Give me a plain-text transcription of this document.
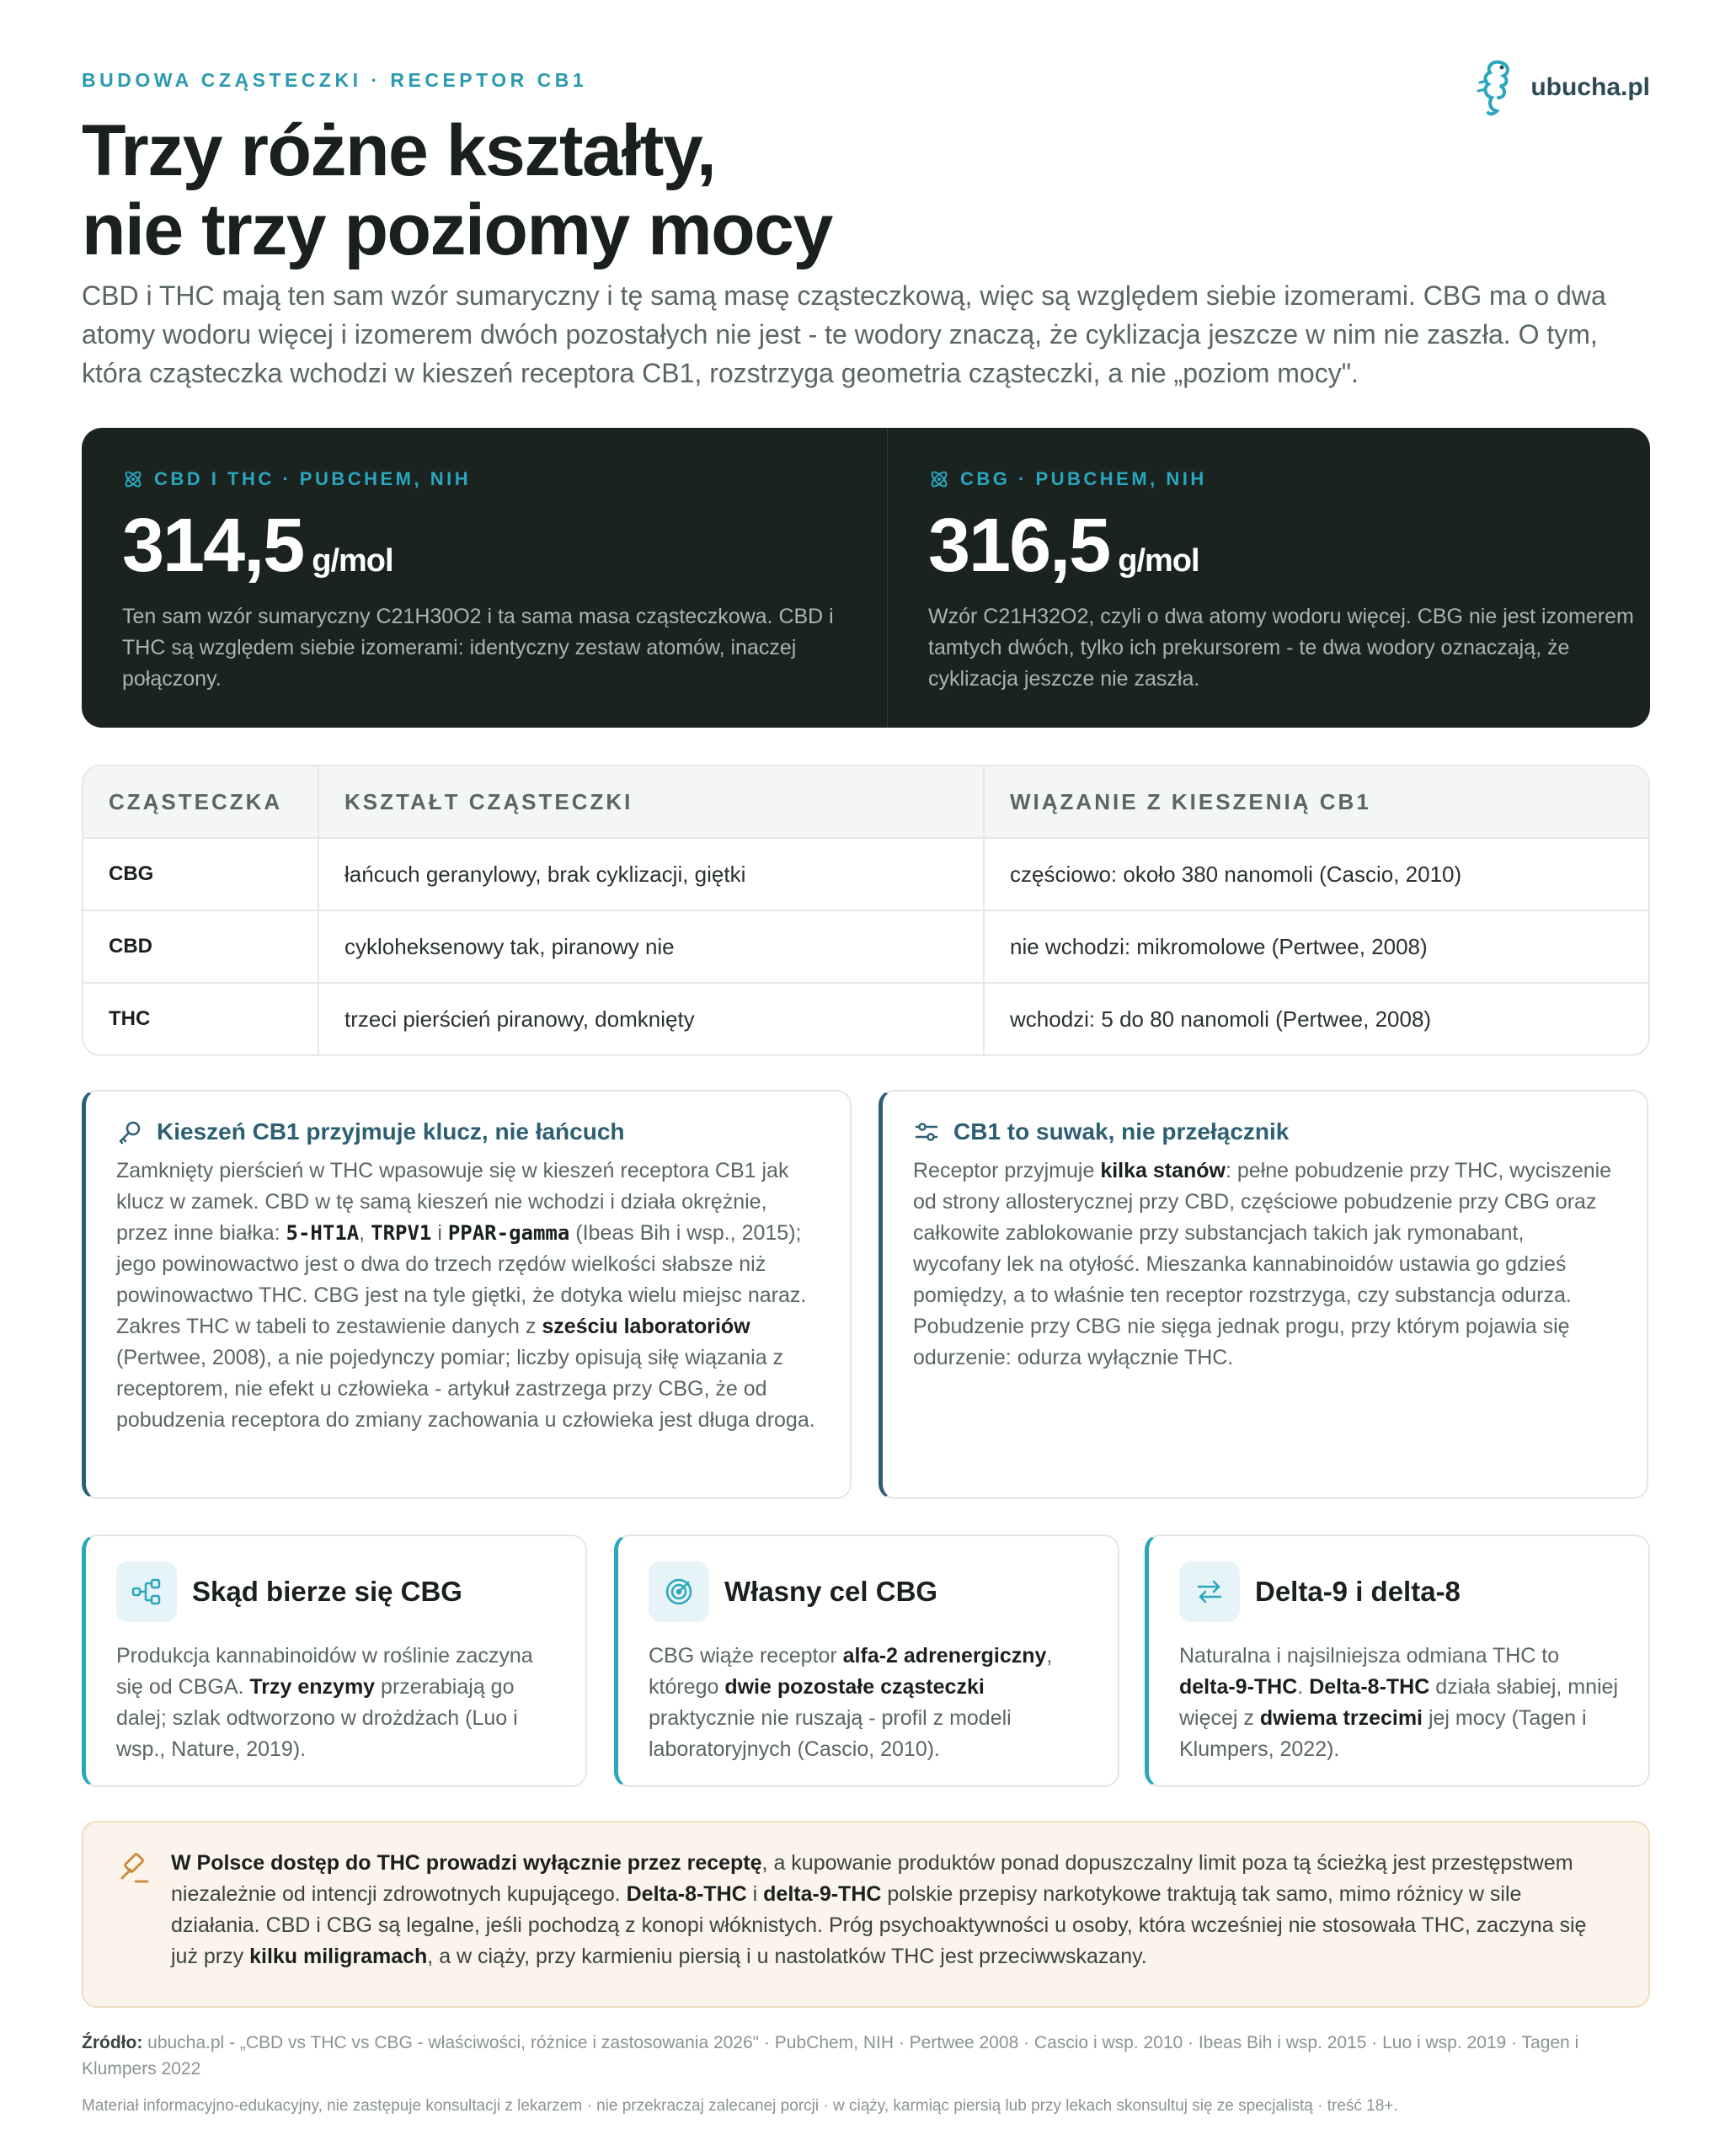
BUDOWA CZĄSTECZKI · RECEPTOR CB1	ubucha.pl
Trzy różne kształty,
nie trzy poziomy mocy

CBD i THC mają ten sam wzór sumaryczny i tę samą masę cząsteczkową, więc są względem siebie izomerami. CBG ma o dwa atomy wodoru więcej i izomerem dwóch pozostałych nie jest - te wodory znaczą, że cyklizacja jeszcze w nim nie zaszła. O tym, która cząsteczka wchodzi w kieszeń receptora CB1, rozstrzyga geometria cząsteczki, a nie „poziom mocy".

CBD I THC · PUBCHEM, NIH
314,5 g/mol

Ten sam wzór sumaryczny C21H30O2 i ta sama masa cząsteczkowa. CBD i THC są względem siebie izomerami: identyczny zestaw atomów, inaczej połączony.

CBG · PUBCHEM, NIH
316,5 g/mol

Wzór C21H32O2, czyli o dwa atomy wodoru więcej. CBG nie jest izomerem tamtych dwóch, tylko ich prekursorem - te dwa wodory oznaczają, że cyklizacja jeszcze nie zaszła.

CZĄSTECZKA	KSZTAŁT CZĄSTECZKI	WIĄZANIE Z KIESZENIĄ CB1
CBG	łańcuch geranylowy, brak cyklizacji, giętki	częściowo: około 380 nanomoli (Cascio, 2010)
CBD	cykloheksenowy tak, piranowy nie	nie wchodzi: mikromolowe (Pertwee, 2008)
THC	trzeci pierścień piranowy, domknięty	wchodzi: 5 do 80 nanomoli (Pertwee, 2008)
Kieszeń CB1 przyjmuje klucz, nie łańcuch

Zamknięty pierścień w THC wpasowuje się w kieszeń receptora CB1 jak klucz w zamek. CBD w tę samą kieszeń nie wchodzi i działa okrężnie, przez inne białka: 5-HT1A, TRPV1 i PPAR-gamma (Ibeas Bih i wsp., 2015); jego powinowactwo jest o dwa do trzech rzędów wielkości słabsze niż powinowactwo THC. CBG jest na tyle giętki, że dotyka wielu miejsc naraz. Zakres THC w tabeli to zestawienie danych z sześciu laboratoriów (Pertwee, 2008), a nie pojedynczy pomiar; liczby opisują siłę wiązania z receptorem, nie efekt u człowieka - artykuł zastrzega przy CBG, że od pobudzenia receptora do zmiany zachowania u człowieka jest długa droga.

CB1 to suwak, nie przełącznik

Receptor przyjmuje kilka stanów: pełne pobudzenie przy THC, wyciszenie od strony allosterycznej przy CBD, częściowe pobudzenie przy CBG oraz całkowite zablokowanie przy substancjach takich jak rymonabant, wycofany lek na otyłość. Mieszanka kannabinoidów ustawia go gdzieś pomiędzy, a to właśnie ten receptor rozstrzyga, czy substancja odurza. Pobudzenie przy CBG nie sięga jednak progu, przy którym pojawia się odurzenie: odurza wyłącznie THC.

Skąd bierze się CBG

Produkcja kannabinoidów w roślinie zaczyna się od CBGA. Trzy enzymy przerabiają go dalej; szlak odtworzono w drożdżach (Luo i wsp., Nature, 2019).

Własny cel CBG

CBG wiąże receptor alfa-2 adrenergiczny, którego dwie pozostałe cząsteczki praktycznie nie ruszają - profil z modeli laboratoryjnych (Cascio, 2010).

Delta-9 i delta-8

Naturalna i najsilniejsza odmiana THC to delta-9-THC. Delta-8-THC działa słabiej, mniej więcej z dwiema trzecimi jej mocy (Tagen i Klumpers, 2022).

W Polsce dostęp do THC prowadzi wyłącznie przez receptę, a kupowanie produktów ponad dopuszczalny limit poza tą ścieżką jest przestępstwem niezależnie od intencji zdrowotnych kupującego. Delta-8-THC i delta-9-THC polskie przepisy narkotykowe traktują tak samo, mimo różnicy w sile działania. CBD i CBG są legalne, jeśli pochodzą z konopi włóknistych. Próg psychoaktywności u osoby, która wcześniej nie stosowała THC, zaczyna się już przy kilku miligramach, a w ciąży, przy karmieniu piersią i u nastolatków THC jest przeciwwskazany.

Źródło: ubucha.pl - „CBD vs THC vs CBG - właściwości, różnice i zastosowania 2026" · PubChem, NIH · Pertwee 2008 · Cascio i wsp. 2010 · Ibeas Bih i wsp. 2015 · Luo i wsp. 2019 · Tagen i Klumpers 2022

Materiał informacyjno-edukacyjny, nie zastępuje konsultacji z lekarzem · nie przekraczaj zalecanej porcji · w ciąży, karmiąc piersią lub przy lekach skonsultuj się ze specjalistą · treść 18+.
